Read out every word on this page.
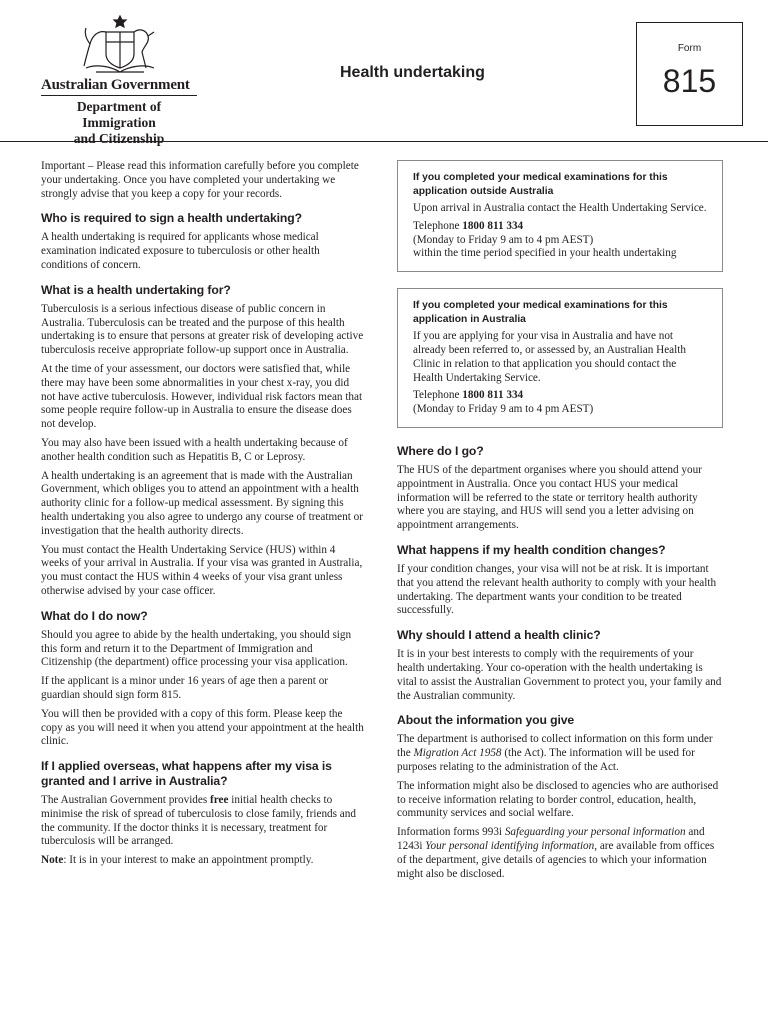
Australian Government
Department of Immigration
and Citizenship
Health undertaking
Form
815

Important – Please read this information carefully before you complete your undertaking. Once you have completed your undertaking we strongly advise that you keep a copy for your records.

Who is required to sign a health undertaking?

A health undertaking is required for applicants whose medical examination indicated exposure to tuberculosis or other health conditions of concern.

What is a health undertaking for?

Tuberculosis is a serious infectious disease of public concern in Australia. Tuberculosis can be treated and the purpose of this health undertaking is to ensure that persons at greater risk of developing active tuberculosis receive appropriate follow-up support once in Australia.

At the time of your assessment, our doctors were satisfied that, while there may have been some abnormalities in your chest x-ray, you did not have active tuberculosis. However, individual risk factors mean that some people require follow-up in Australia to ensure the disease does not develop.

You may also have been issued with a health undertaking because of another health condition such as Hepatitis B, C or Leprosy.

A health undertaking is an agreement that is made with the Australian Government, which obliges you to attend an appointment with a health authority clinic for a follow-up medical assessment. By signing this health undertaking you also agree to undergo any course of treatment or investigation that the health authority directs.

You must contact the Health Undertaking Service (HUS) within 4 weeks of your arrival in Australia. If your visa was granted in Australia, you must contact the HUS within 4 weeks of your visa grant unless otherwise advised by your case officer.

What do I do now?

Should you agree to abide by the health undertaking, you should sign this form and return it to the Department of Immigration and Citizenship (the department) office processing your visa application.

If the applicant is a minor under 16 years of age then a parent or guardian should sign form 815.

You will then be provided with a copy of this form. Please keep the copy as you will need it when you attend your appointment at the health clinic.

If I applied overseas, what happens after my visa is granted and I arrive in Australia?

The Australian Government provides free initial health checks to minimise the risk of spread of tuberculosis to close family, friends and the community. If the doctor thinks it is necessary, treatment for tuberculosis will be arranged.

Note: It is in your interest to make an appointment promptly.

If you completed your medical examinations for this application outside Australia

Upon arrival in Australia contact the Health Undertaking Service.

Telephone 1800 811 334
(Monday to Friday 9 am to 4 pm AEST)
within the time period specified in your health undertaking

If you completed your medical examinations for this application in Australia

If you are applying for your visa in Australia and have not already been referred to, or assessed by, an Australian Health Clinic in relation to that application you should contact the Health Undertaking Service.

Telephone 1800 811 334
(Monday to Friday 9 am to 4 pm AEST)

Where do I go?

The HUS of the department organises where you should attend your appointment in Australia. Once you contact HUS your medical information will be referred to the state or territory health authority where you are staying, and HUS will send you a letter advising on appointment arrangements.

What happens if my health condition changes?

If your condition changes, your visa will not be at risk. It is important that you attend the relevant health authority to comply with your health undertaking. The department wants your condition to be treated successfully.

Why should I attend a health clinic?

It is in your best interests to comply with the requirements of your health undertaking. Your co-operation with the health undertaking is vital to assist the Australian Government to protect you, your family and the Australian community.

About the information you give

The department is authorised to collect information on this form under the Migration Act 1958 (the Act). The information will be used for purposes relating to the administration of the Act.

The information might also be disclosed to agencies who are authorised to receive information relating to border control, education, health, community services and social welfare.

Information forms 993i Safeguarding your personal information and 1243i Your personal identifying information, are available from offices of the department, give details of agencies to which your information might also be disclosed.
